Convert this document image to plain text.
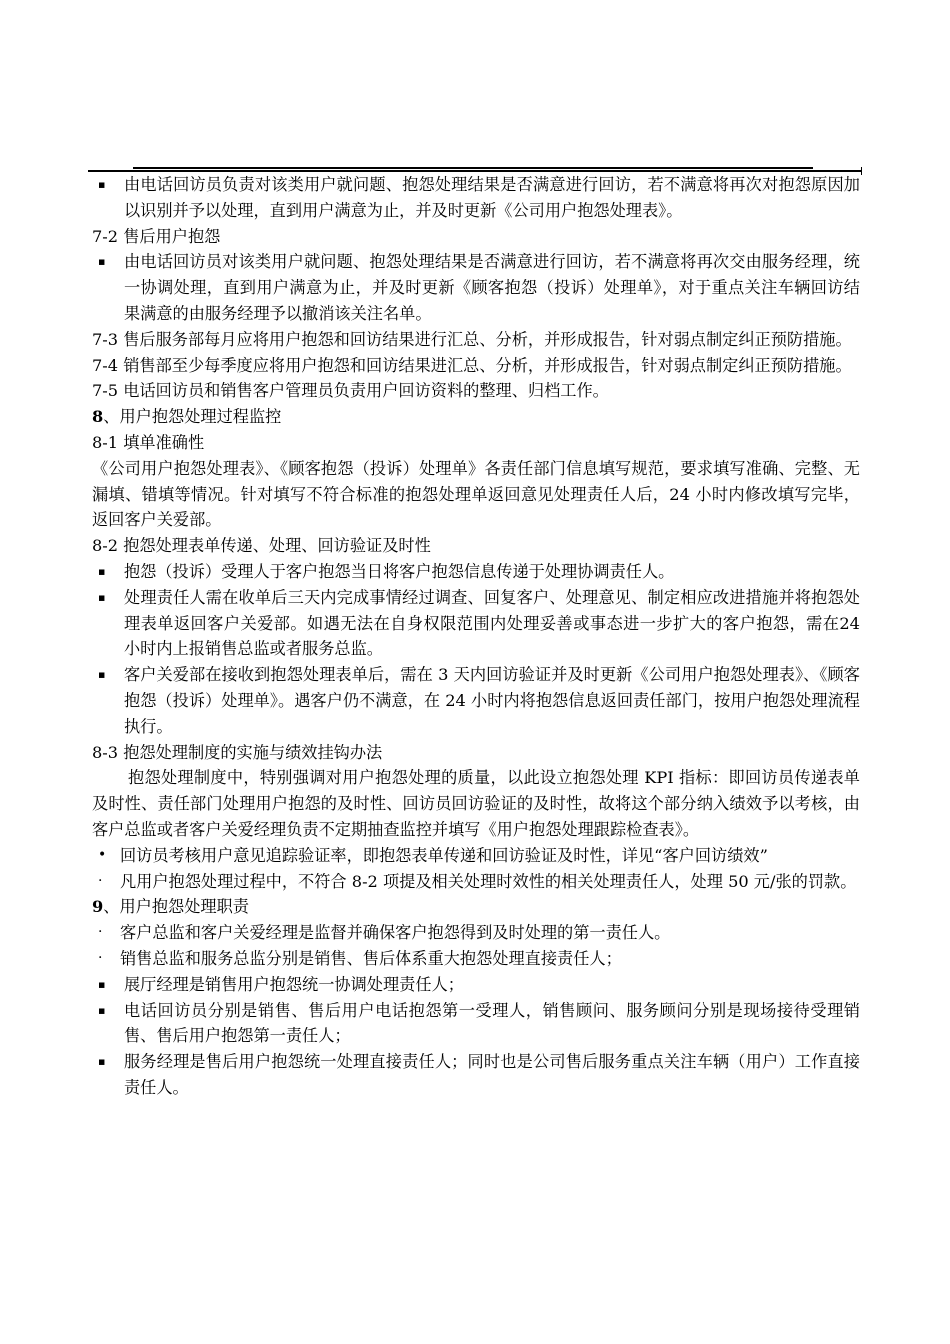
▪ 由电话回访员负责对该类用户就问题、抱怨处理结果是否满意进行回访，若不满意将再次对抱怨原因加以识别并予以处理，直到用户满意为止，并及时更新《公司用户抱怨处理表》。

7-2 售后用户抱怨

▪ 由电话回访员对该类用户就问题、抱怨处理结果是否满意进行回访，若不满意将再次交由服务经理，统一协调处理，直到用户满意为止，并及时更新《顾客抱怨（投诉）处理单》，对于重点关注车辆回访结果满意的由服务经理予以撤消该关注名单。

7-3 售后服务部每月应将用户抱怨和回访结果进行汇总、分析，并形成报告，针对弱点制定纠正预防措施。

7-4 销售部至少每季度应将用户抱怨和回访结果进汇总、分析，并形成报告，针对弱点制定纠正预防措施。

7-5 电话回访员和销售客户管理员负责用户回访资料的整理、归档工作。

8、用户抱怨处理过程监控

8-1 填单准确性

《公司用户抱怨处理表》、《顾客抱怨（投诉）处理单》各责任部门信息填写规范，要求填写准确、完整、无漏填、错填等情况。针对填写不符合标准的抱怨处理单返回意见处理责任人后，24 小时内修改填写完毕，返回客户关爱部。

8-2 抱怨处理表单传递、处理、回访验证及时性

▪ 抱怨（投诉）受理人于客户抱怨当日将客户抱怨信息传递于处理协调责任人。

▪ 处理责任人需在收单后三天内完成事情经过调查、回复客户、处理意见、制定相应改进措施并将抱怨处理表单返回客户关爱部。如遇无法在自身权限范围内处理妥善或事态进一步扩大的客户抱怨，需在24 小时内上报销售总监或者服务总监。

▪ 客户关爱部在接收到抱怨处理表单后，需在 3 天内回访验证并及时更新《公司用户抱怨处理表》、《顾客抱怨（投诉）处理单》。遇客户仍不满意，在 24 小时内将抱怨信息返回责任部门，按用户抱怨处理流程执行。

8-3 抱怨处理制度的实施与绩效挂钩办法

抱怨处理制度中，特别强调对用户抱怨处理的质量，以此设立抱怨处理 KPI 指标：即回访员传递表单及时性、责任部门处理用户抱怨的及时性、回访员回访验证的及时性，故将这个部分纳入绩效予以考核，由客户总监或者客户关爱经理负责不定期抽查监控并填写《用户抱怨处理跟踪检查表》。

• 回访员考核用户意见追踪验证率，即抱怨表单传递和回访验证及时性，详见“客户回访绩效”

· 凡用户抱怨处理过程中，不符合 8-2 项提及相关处理时效性的相关处理责任人，处理 50 元/张的罚款。

9、用户抱怨处理职责

· 客户总监和客户关爱经理是监督并确保客户抱怨得到及时处理的第一责任人。

· 销售总监和服务总监分别是销售、售后体系重大抱怨处理直接责任人；

▪ 展厅经理是销售用户抱怨统一协调处理责任人；

▪ 电话回访员分别是销售、售后用户电话抱怨第一受理人，销售顾问、服务顾问分别是现场接待受理销售、售后用户抱怨第一责任人；

▪ 服务经理是售后用户抱怨统一处理直接责任人；同时也是公司售后服务重点关注车辆（用户）工作直接责任人。
